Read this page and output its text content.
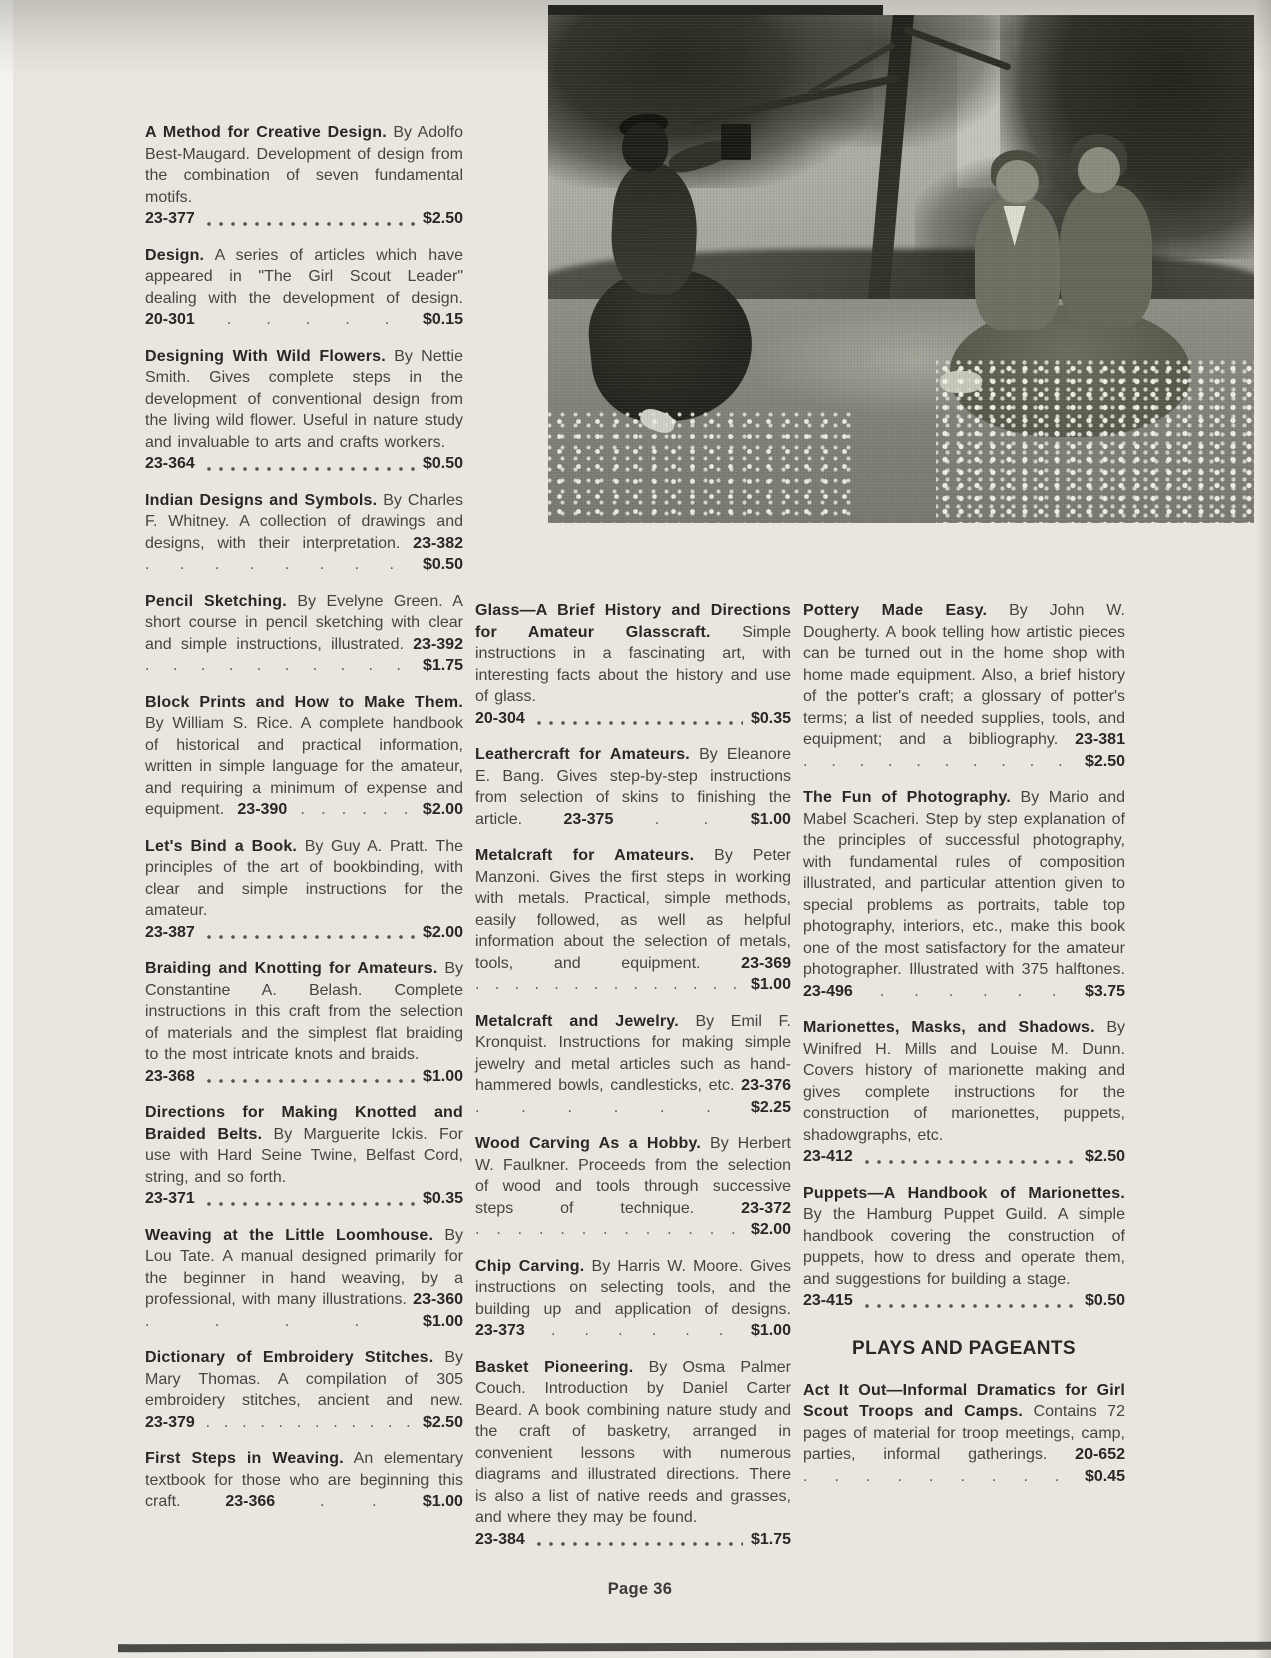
A Method for Creative Design. By Adolfo Best-Maugard. Development of design from the combination of seven fundamental motifs.

23-377	$2.50

Design. A series of articles which have appeared in "The Girl Scout Leader" dealing with the development of design. 20-301 . . . . . $0.15

Designing With Wild Flowers. By Nettie Smith. Gives complete steps in the development of conventional design from the living wild flower. Useful in nature study and invaluable to arts and crafts workers.

23-364	$0.50

Indian Designs and Symbols. By Charles F. Whitney. A collection of drawings and designs, with their interpretation. 23-382 . . . . . . . . $0.50

Pencil Sketching. By Evelyne Green. A short course in pencil sketching with clear and simple instructions, illustrated. 23-392 . . . . . . . . . . $1.75

Block Prints and How to Make Them. By William S. Rice. A complete handbook of historical and practical information, written in simple language for the amateur, and requiring a minimum of expense and equipment. 23-390 . . . . . . $2.00

Let's Bind a Book. By Guy A. Pratt. The principles of the art of bookbinding, with clear and simple instructions for the amateur.

23-387	$2.00

Braiding and Knotting for Amateurs. By Constantine A. Belash. Complete instructions in this craft from the selection of materials and the simplest flat braiding to the most intricate knots and braids.

23-368	$1.00

Directions for Making Knotted and Braided Belts. By Marguerite Ickis. For use with Hard Seine Twine, Belfast Cord, string, and so forth.

23-371	$0.35

Weaving at the Little Loomhouse. By Lou Tate. A manual designed primarily for the beginner in hand weaving, by a professional, with many illustrations. 23-360 . . . .	$1.00

Dictionary of Embroidery Stitches. By Mary Thomas. A compilation of 305 embroidery stitches, ancient and new. 23-379 . . . . . . . . . . . . $2.50

First Steps in Weaving. An elementary textbook for those who are beginning this craft.	23-366	. .	$1.00

Glass—A Brief History and Directions for Amateur Glasscraft. Simple instructions in a fascinating art, with interesting facts about the history and use of glass.

20-304	$0.35

Leathercraft for Amateurs. By Eleanore E. Bang. Gives step-by-step instructions from selection of skins to finishing the article.	23-375	. .	$1.00

Metalcraft for Amateurs. By Peter Manzoni. Gives the first steps in working with metals. Practical, simple methods, easily followed, as well as helpful information about the selection of metals, tools, and equipment.	23-369 . . . . . . . . . . . . . . $1.00

Metalcraft and Jewelry. By Emil F. Kronquist. Instructions for making simple jewelry and metal articles such as hand-hammered bowls, candlesticks, etc. 23-376 . . . . . . $2.25

Wood Carving As a Hobby. By Herbert W. Faulkner. Proceeds from the selection of wood and tools through successive steps of technique.	23-372 . . . . . . . . . . . . . $2.00

Chip Carving. By Harris W. Moore. Gives instructions on selecting tools, and the building up and application of designs. 23-373 . . . . . . $1.00

Basket Pioneering. By Osma Palmer Couch. Introduction by Daniel Carter Beard. A book combining nature study and the craft of basketry, arranged in convenient lessons with numerous diagrams and illustrated directions. There is also a list of native reeds and grasses, and where they may be found.

23-384	$1.75

Pottery Made Easy. By John W. Dougherty. A book telling how artistic pieces can be turned out in the home shop with home made equipment. Also, a brief history of the potter's craft; a glossary of potter's terms; a list of needed supplies, tools, and equipment; and a bibliography. 23-381 . . . . . . . . . . $2.50

The Fun of Photography. By Mario and Mabel Scacheri. Step by step explanation of the principles of successful photography, with fundamental rules of composition illustrated, and particular attention given to special problems as portraits, table top photography, interiors, etc., make this book one of the most satisfactory for the amateur photographer. Illustrated with 375 halftones. 23-496 . . . . . . $3.75

Marionettes, Masks, and Shadows. By Winifred H. Mills and Louise M. Dunn. Covers history of marionette making and gives complete instructions for the construction of marionettes, puppets, shadowgraphs, etc.

23-412	$2.50

Puppets—A Handbook of Marionettes. By the Hamburg Puppet Guild. A simple handbook covering the construction of puppets, how to dress and operate them, and suggestions for building a stage.

23-415	$0.50
PLAYS AND PAGEANTS

Act It Out—Informal Dramatics for Girl Scout Troops and Camps. Contains 72 pages of material for troop meetings, camp, parties, informal gatherings. 20-652 . . . . . . . . . $0.45

Page 36
